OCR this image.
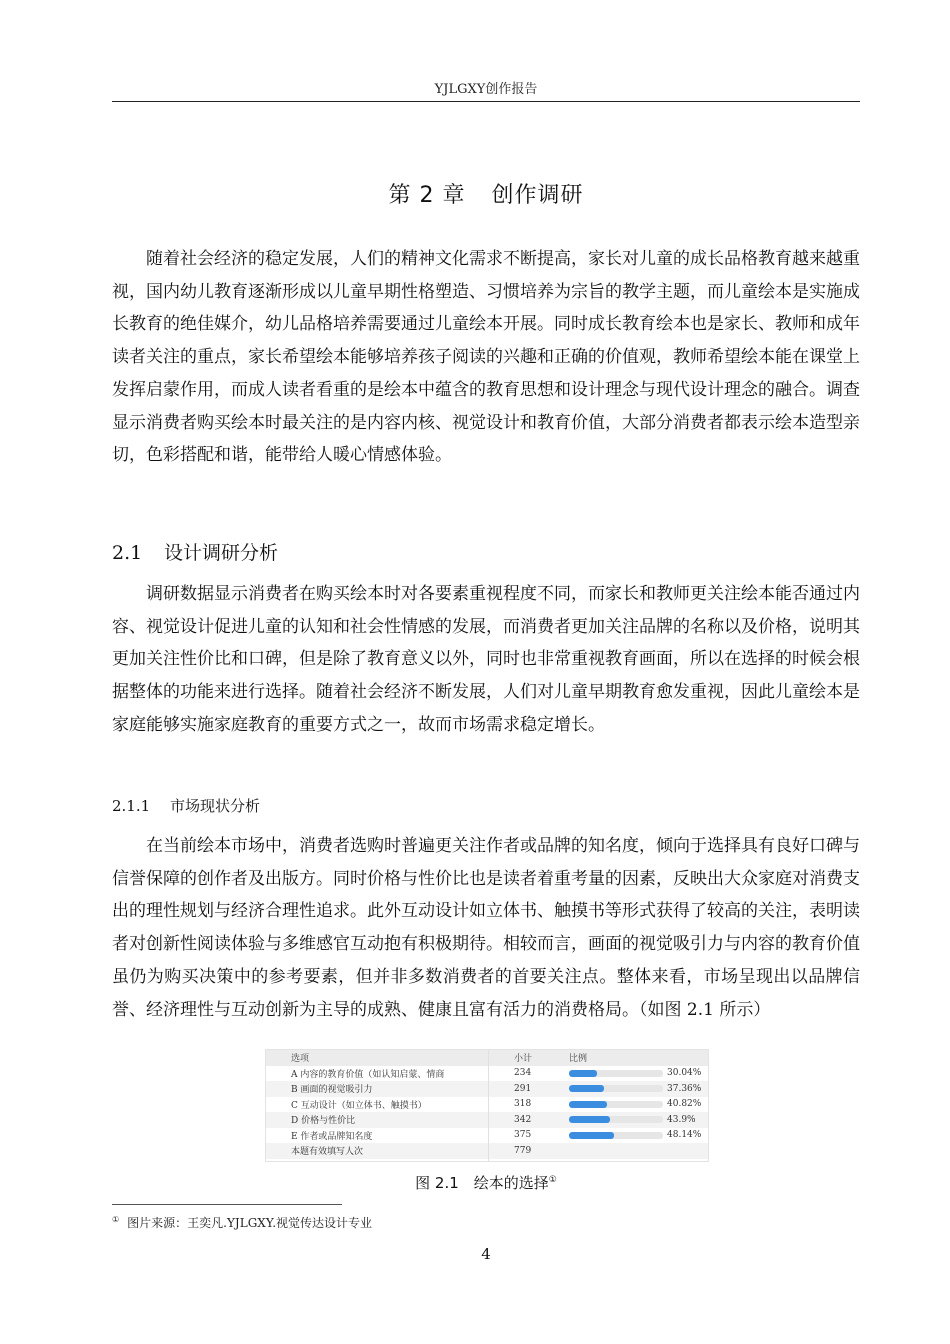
YJLGXY创作报告
第 2 章 创作调研

随着社会经济的稳定发展，人们的精神文化需求不断提高，家长对儿童的成长品格教育越来越重视，国内幼儿教育逐渐形成以儿童早期性格塑造、习惯培养为宗旨的教学主题，而儿童绘本是实施成长教育的绝佳媒介，幼儿品格培养需要通过儿童绘本开展。同时成长教育绘本也是家长、教师和成年读者关注的重点，家长希望绘本能够培养孩子阅读的兴趣和正确的价值观，教师希望绘本能在课堂上发挥启蒙作用，而成人读者看重的是绘本中蕴含的教育思想和设计理念与现代设计理念的融合。调查显示消费者购买绘本时最关注的是内容内核、视觉设计和教育价值，大部分消费者都表示绘本造型亲切，色彩搭配和谐，能带给人暖心情感体验。

2.1 设计调研分析

调研数据显示消费者在购买绘本时对各要素重视程度不同，而家长和教师更关注绘本能否通过内容、视觉设计促进儿童的认知和社会性情感的发展，而消费者更加关注品牌的名称以及价格，说明其更加关注性价比和口碑，但是除了教育意义以外，同时也非常重视教育画面，所以在选择的时候会根据整体的功能来进行选择。随着社会经济不断发展，人们对儿童早期教育愈发重视，因此儿童绘本是家庭能够实施家庭教育的重要方式之一，故而市场需求稳定增长。

2.1.1 市场现状分析

在当前绘本市场中，消费者选购时普遍更关注作者或品牌的知名度，倾向于选择具有良好口碑与信誉保障的创作者及出版方。同时价格与性价比也是读者着重考量的因素，反映出大众家庭对消费支出的理性规划与经济合理性追求。此外互动设计如立体书、触摸书等形式获得了较高的关注，表明读者对创新性阅读体验与多维感官互动抱有积极期待。相较而言，画面的视觉吸引力与内容的教育价值虽仍为购买决策中的参考要素，但并非多数消费者的首要关注点。整体来看，市场呈现出以品牌信誉、经济理性与互动创新为主导的成熟、健康且富有活力的消费格局。（如图 2.1 所示）

选项	小计	比例
A 内容的教育价值（如认知启蒙、情商	234	30.04%
B 画面的视觉吸引力	291	37.36%
C 互动设计（如立体书、触摸书）	318	40.82%
D 价格与性价比	342	43.9%
E 作者或品牌知名度	375	48.14%
本题有效填写人次	779
图 2.1　绘本的选择①
① 图片来源：王奕凡.YJLGXY.视觉传达设计专业
4
